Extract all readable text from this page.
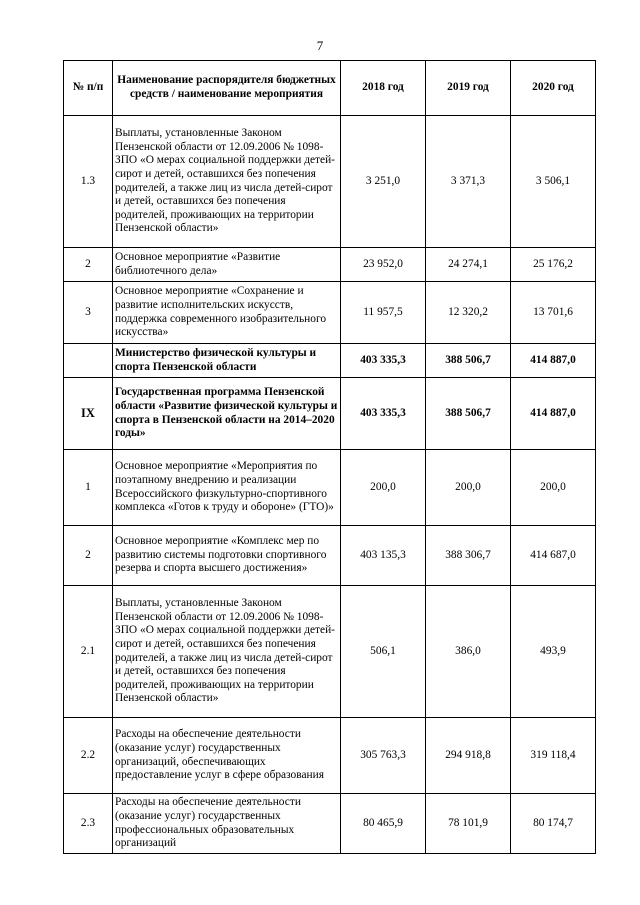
7
№ п/п	Наименование распорядителя бюджетных средств / наименование мероприятия	2018 год	2019 год	2020 год
1.3	Выплаты, установленные Законом Пензенской области от 12.09.2006 № 1098-ЗПО «О мерах социальной поддержки детей-сирот и детей, оставшихся без попечения родителей, а также лиц из числа детей-сирот и детей, оставшихся без попечения родителей, проживающих на территории Пензенской области»	3 251,0	3 371,3	3 506,1
2	Основное мероприятие «Развитие библиотечного дела»	23 952,0	24 274,1	25 176,2
3	Основное мероприятие «Сохранение и развитие исполнительских искусств, поддержка современного изобразительного искусства»	11 957,5	12 320,2	13 701,6
	Министерство физической культуры и спорта Пензенской области	403 335,3	388 506,7	414 887,0
IX	Государственная программа Пензенской области «Развитие физической культуры и спорта в Пензенской области на 2014–2020 годы»	403 335,3	388 506,7	414 887,0
1	Основное мероприятие «Мероприятия по поэтапному внедрению и реализации Всероссийского физкультурно-спортивного комплекса «Готов к труду и обороне» (ГТО)»	200,0	200,0	200,0
2	Основное мероприятие «Комплекс мер по развитию системы подготовки спортивного резерва и спорта высшего достижения»	403 135,3	388 306,7	414 687,0
2.1	Выплаты, установленные Законом Пензенской области от 12.09.2006 № 1098-ЗПО «О мерах социальной поддержки детей-сирот и детей, оставшихся без попечения родителей, а также лиц из числа детей-сирот и детей, оставшихся без попечения родителей, проживающих на территории Пензенской области»	506,1	386,0	493,9
2.2	Расходы на обеспечение деятельности (оказание услуг) государственных организаций, обеспечивающих предоставление услуг в сфере образования	305 763,3	294 918,8	319 118,4
2.3	Расходы на обеспечение деятельности (оказание услуг) государственных профессиональных образовательных организаций	80 465,9	78 101,9	80 174,7
